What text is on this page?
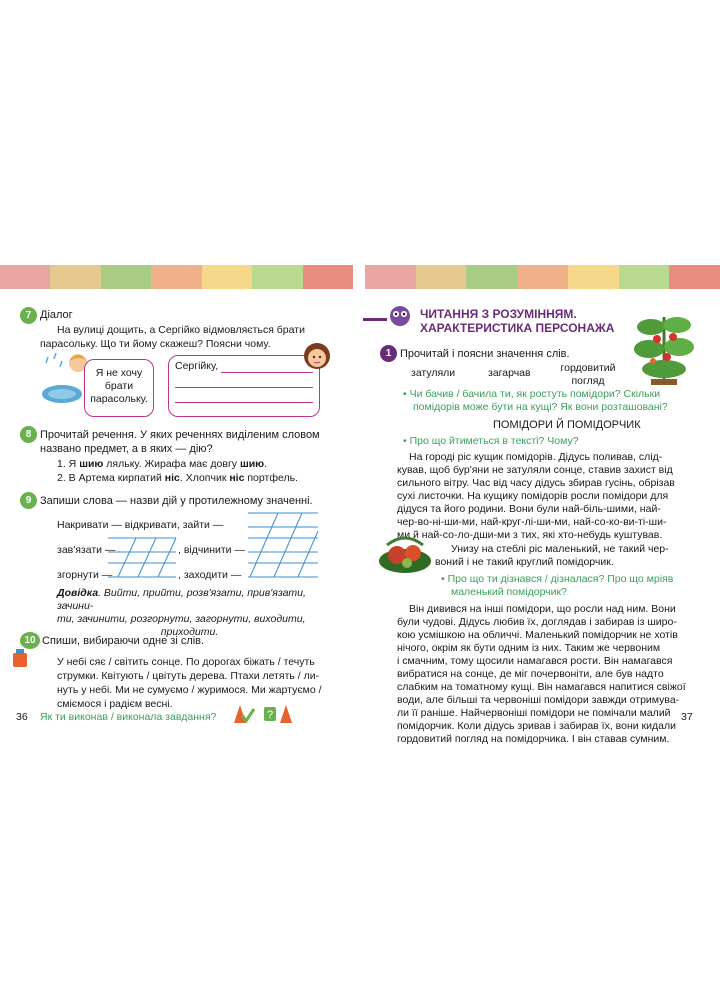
7 Діалог
На вулиці дощить, а Сергійко відмовляється брати
парасольку. Що ти йому скажеш? Поясни чому.
Я не хочу
брати
парасольку.
Сергійку,
8 Прочитай речення. У яких реченнях виділеним словом
названо предмет, а в яких — дію?
1. Я шию ляльку. Жирафа має довгу шию.
2. В Артема кирпатий ніс. Хлопчик ніс портфель.
9 Запиши слова — назви дій у протилежному значенні.
Накривати — відкривати, зайти —
зав'язати —	, відчинити —
згорнути —	, заходити —
Довідка. Вийти, прийти, розв'язати, прив'язати, зачини-
ти, зачинити, розгорнути, загорнути, виходити,
приходити.
10 Спиши, вибираючи одне зі слів.
У небі сяє / світить сонце. По дорогах біжать / течуть
струмки. Квітують / цвітуть дерева. Птахи летять / ли-
нуть у небі. Ми не сумуємо / журимося. Ми жартуємо /
сміємося і радієм весні.
36 Як ти виконав / виконала завдання?	?
ЧИТАННЯ З РОЗУМІННЯМ.
ХАРАКТЕРИСТИКА ПЕРСОНАЖА
1 Прочитай і поясни значення слів.
затуляли	загарчав	гордовитий
погляд
• Чи бачив / бачила ти, як ростуть помідори? Скільки
помідорів може бути на кущі? Як вони розташовані?
ПОМІДОРИ Й ПОМІДОРЧИК
• Про що йтиметься в тексті? Чому?
На городі ріс кущик помідорів. Дідусь поливав, слід-
кував, щоб бур'яни не затуляли сонце, ставив захист від
сильного вітру. Час від часу дідусь збирав гусінь, обрізав
сухі листочки. На кущику помідорів росли помідори для
дідуся та його родини. Вони були най-біль-шими, най-
чер-во-ні-ши-ми, най-круг-лі-ши-ми, най-со-ко-ви-ті-ши-
ми й най-со-ло-дши-ми з тих, які хто-небудь куштував.
Унизу на стеблі ріс маленький, не такий чер-
воний і не такий круглий помідорчик.
• Про що ти дізнався / дізналася? Про що мріяв
маленький помідорчик?
Він дивився на інші помідори, що росли над ним. Вони
були чудові. Дідусь любив їх, доглядав і забирав із широ-
кою усмішкою на обличчі. Маленький помідорчик не хотів
нічого, окрім як бути одним із них. Таким же червоним
і смачним, тому щосили намагався рости. Він намагався
вибратися на сонце, де міг почервоніти, але був надто
слабким на томатному кущі. Він намагався напитися свіжої
води, але більші та червоніші помідори завжди отримува-
ли її раніше. Найчервоніші помідори не помічали малий
помідорчик. Коли дідусь зривав і забирав їх, вони кидали
гордовитий погляд на помідорчика. І він ставав сумним.
37
